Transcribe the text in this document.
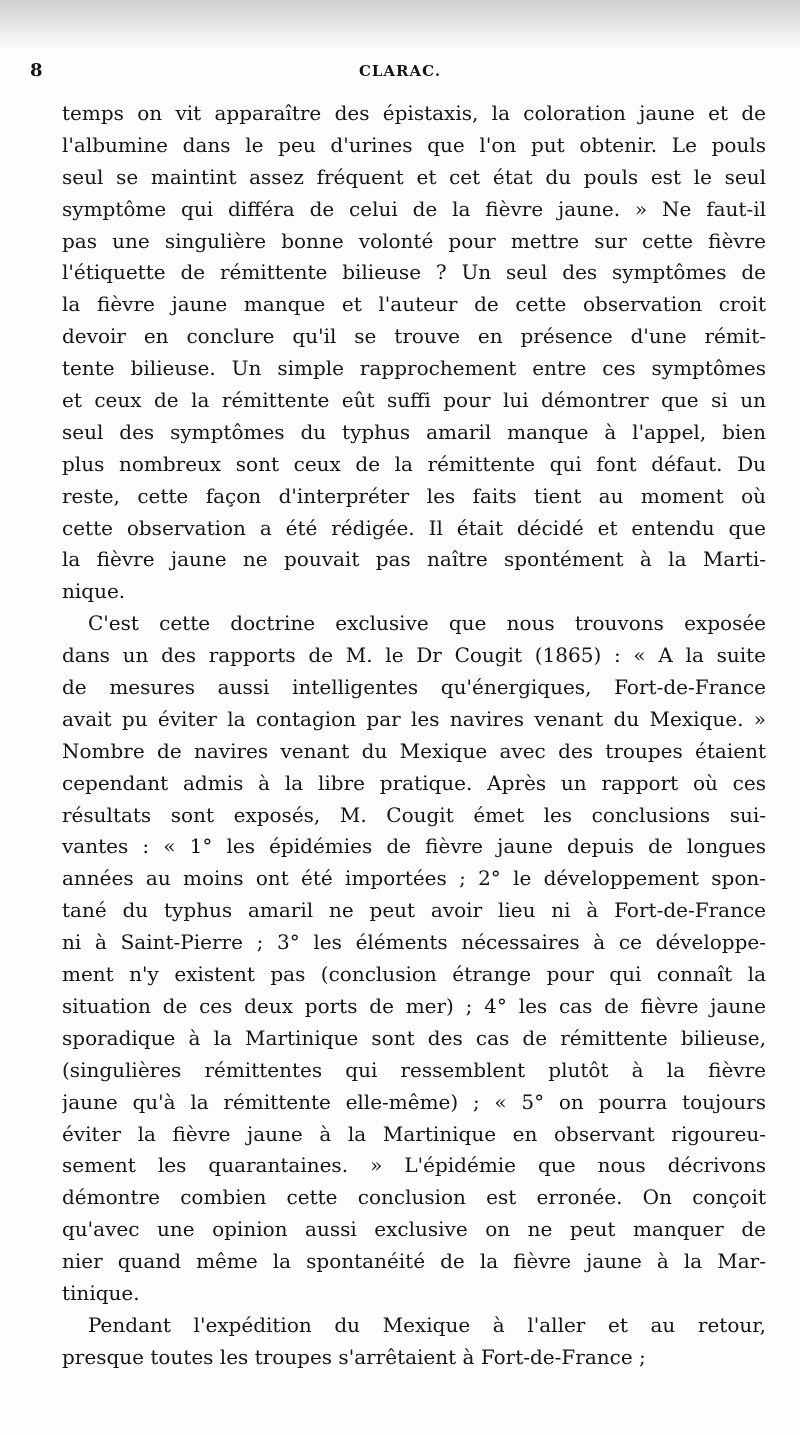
8	CLARAC.
temps on vit apparaître des épistaxis, la coloration jaune et de
l'albumine dans le peu d'urines que l'on put obtenir. Le pouls
seul se maintint assez fréquent et cet état du pouls est le seul
symptôme qui différa de celui de la fièvre jaune. » Ne faut-il
pas une singulière bonne volonté pour mettre sur cette fièvre
l'étiquette de rémittente bilieuse ? Un seul des symptômes de
la fièvre jaune manque et l'auteur de cette observation croit
devoir en conclure qu'il se trouve en présence d'une rémit-
tente bilieuse. Un simple rapprochement entre ces symptômes
et ceux de la rémittente eût suffi pour lui démontrer que si un
seul des symptômes du typhus amaril manque à l'appel, bien
plus nombreux sont ceux de la rémittente qui font défaut. Du
reste, cette façon d'interpréter les faits tient au moment où
cette observation a été rédigée. Il était décidé et entendu que
la fièvre jaune ne pouvait pas naître spontément à la Marti-
nique.
C'est cette doctrine exclusive que nous trouvons exposée
dans un des rapports de M. le Dr Cougit (1865) : « A la suite
de mesures aussi intelligentes qu'énergiques, Fort-de-France
avait pu éviter la contagion par les navires venant du Mexique. »
Nombre de navires venant du Mexique avec des troupes étaient
cependant admis à la libre pratique. Après un rapport où ces
résultats sont exposés, M. Cougit émet les conclusions sui-
vantes : « 1° les épidémies de fièvre jaune depuis de longues
années au moins ont été importées ; 2° le développement spon-
tané du typhus amaril ne peut avoir lieu ni à Fort-de-France
ni à Saint-Pierre ; 3° les éléments nécessaires à ce développe-
ment n'y existent pas (conclusion étrange pour qui connaît la
situation de ces deux ports de mer) ; 4° les cas de fièvre jaune
sporadique à la Martinique sont des cas de rémittente bilieuse,
(singulières rémittentes qui ressemblent plutôt à la fièvre
jaune qu'à la rémittente elle-même) ; « 5° on pourra toujours
éviter la fièvre jaune à la Martinique en observant rigoureu-
sement les quarantaines. » L'épidémie que nous décrivons
démontre combien cette conclusion est erronée. On conçoit
qu'avec une opinion aussi exclusive on ne peut manquer de
nier quand même la spontanéité de la fièvre jaune à la Mar-
tinique.
Pendant l'expédition du Mexique à l'aller et au retour,
presque toutes les troupes s'arrêtaient à Fort-de-France ;
